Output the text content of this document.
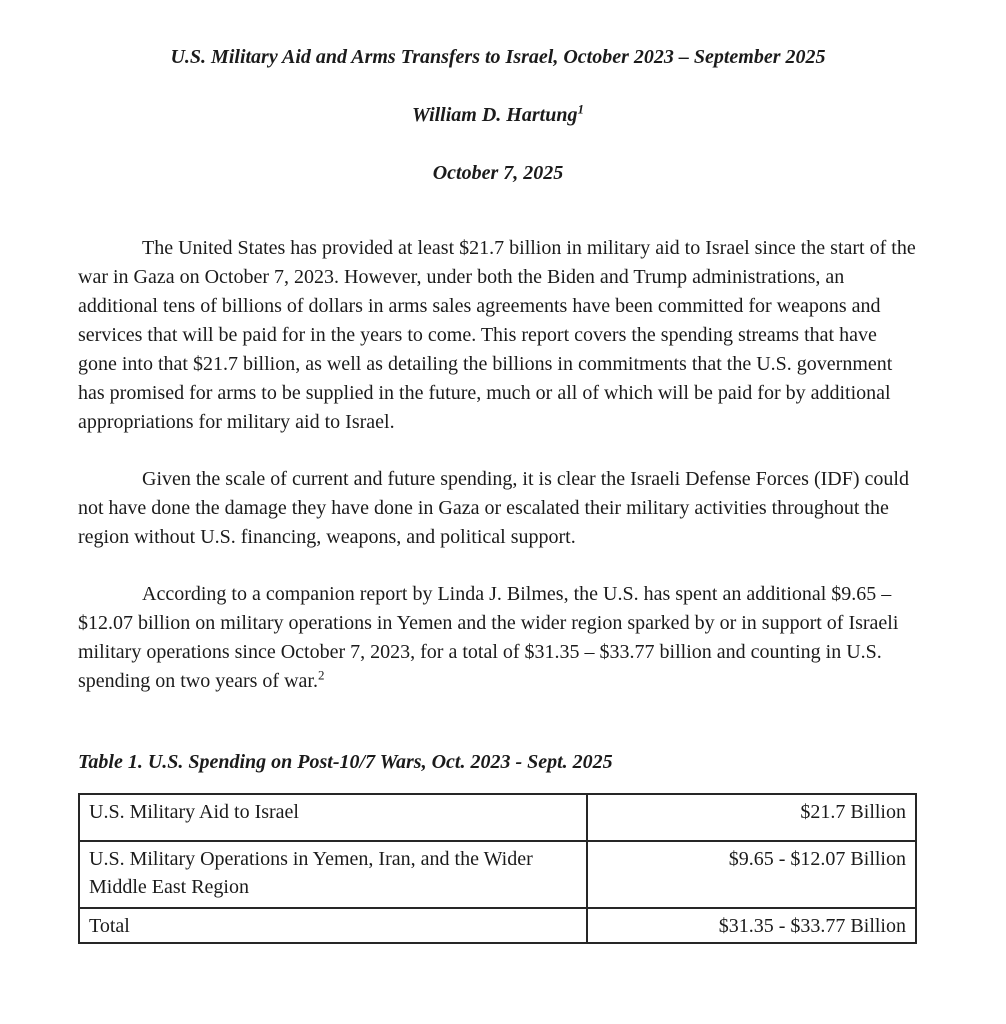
U.S. Military Aid and Arms Transfers to Israel, October 2023 – September 2025

William D. Hartung$^1$

October 7, 2025

The United States has provided at least $21.7 billion in military aid to Israel since the start of the war in Gaza on October 7, 2023. However, under both the Biden and Trump administrations, an additional tens of billions of dollars in arms sales agreements have been committed for weapons and services that will be paid for in the years to come. This report covers the spending streams that have gone into that $21.7 billion, as well as detailing the billions in commitments that the U.S. government has promised for arms to be supplied in the future, much or all of which will be paid for by additional appropriations for military aid to Israel.

Given the scale of current and future spending, it is clear the Israeli Defense Forces (IDF) could not have done the damage they have done in Gaza or escalated their military activities throughout the region without U.S. financing, weapons, and political support.

According to a companion report by Linda J. Bilmes, the U.S. has spent an additional $9.65 – $12.07 billion on military operations in Yemen and the wider region sparked by or in support of Israeli military operations since October 7, 2023, for a total of $31.35 – $33.77 billion and counting in U.S. spending on two years of war.$^2$

Table 1. U.S. Spending on Post-10/7 Wars, Oct. 2023 - Sept. 2025

U.S. Military Aid to Israel	$21.7 Billion
U.S. Military Operations in Yemen, Iran, and the Wider Middle East Region	$9.65 - $12.07 Billion
Total	$31.35 - $33.77 Billion
